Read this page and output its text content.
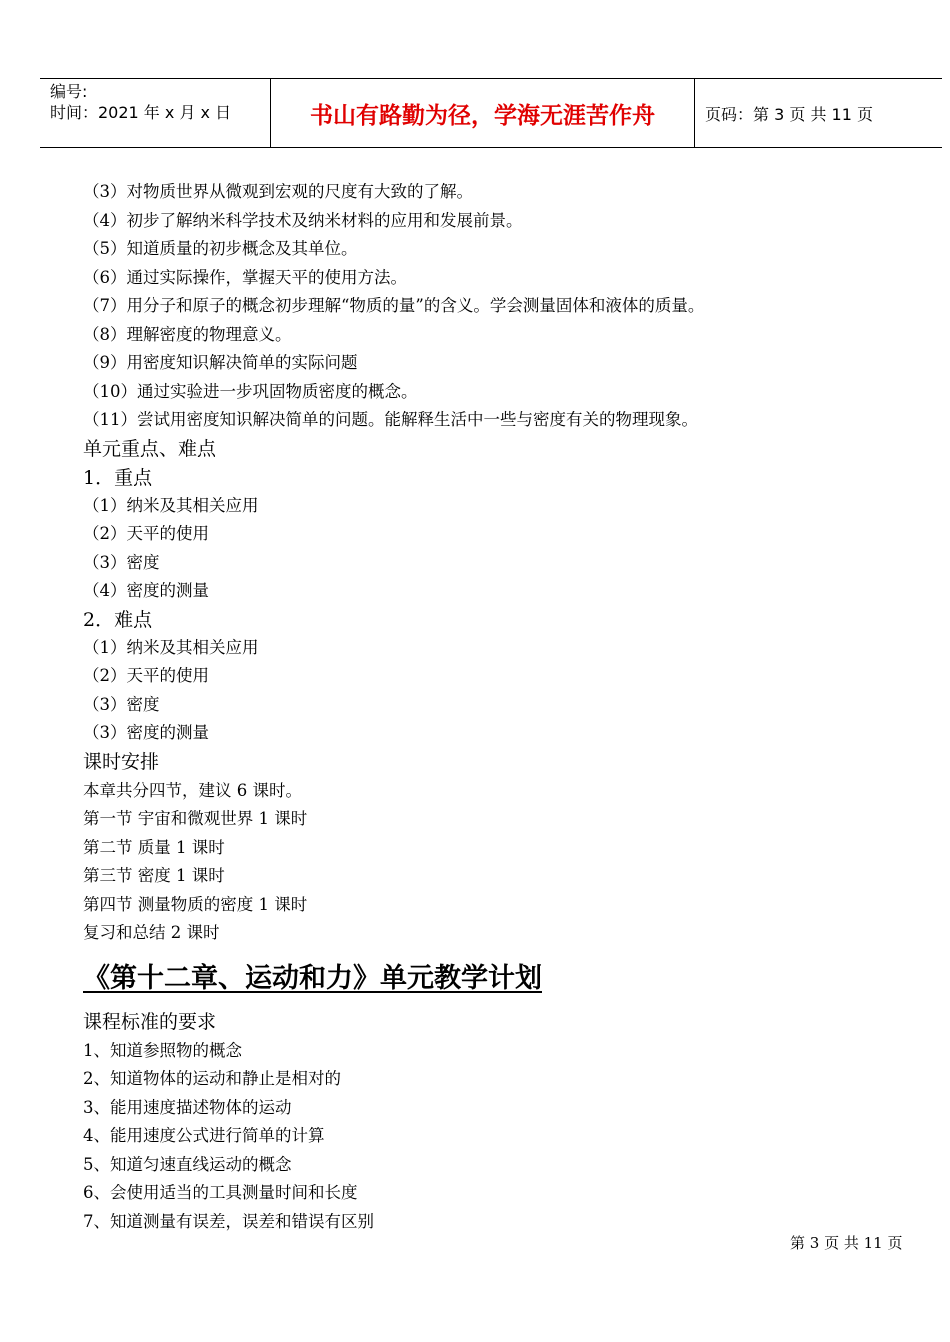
编号:
时间：2021 年 x 月 x 日	书山有路勤为径，学海无涯苦作舟	页码：第 3 页 共 11 页
（3）对物质世界从微观到宏观的尺度有大致的了解。
（4）初步了解纳米科学技术及纳米材料的应用和发展前景。
（5）知道质量的初步概念及其单位。
（6）通过实际操作，掌握天平的使用方法。
（7）用分子和原子的概念初步理解“物质的量”的含义。学会测量固体和液体的质量。
（8）理解密度的物理意义。
（9）用密度知识解决简单的实际问题
（10）通过实验进一步巩固物质密度的概念。
（11）尝试用密度知识解决简单的问题。能解释生活中一些与密度有关的物理现象。
单元重点、难点
1．重点
（1）纳米及其相关应用
（2）天平的使用
（3）密度
（4）密度的测量
2．难点
（1）纳米及其相关应用
（2）天平的使用
（3）密度
（3）密度的测量
课时安排
本章共分四节，建议 6 课时。
第一节 宇宙和微观世界 1 课时
第二节 质量 1 课时
第三节 密度 1 课时
第四节 测量物质的密度 1 课时
复习和总结 2 课时
《第十二章、运动和力》单元教学计划
课程标准的要求
1、知道参照物的概念
2、知道物体的运动和静止是相对的
3、能用速度描述物体的运动
4、能用速度公式进行简单的计算
5、知道匀速直线运动的概念
6、会使用适当的工具测量时间和长度
7、知道测量有误差，误差和错误有区别
第 3 页 共 11 页
